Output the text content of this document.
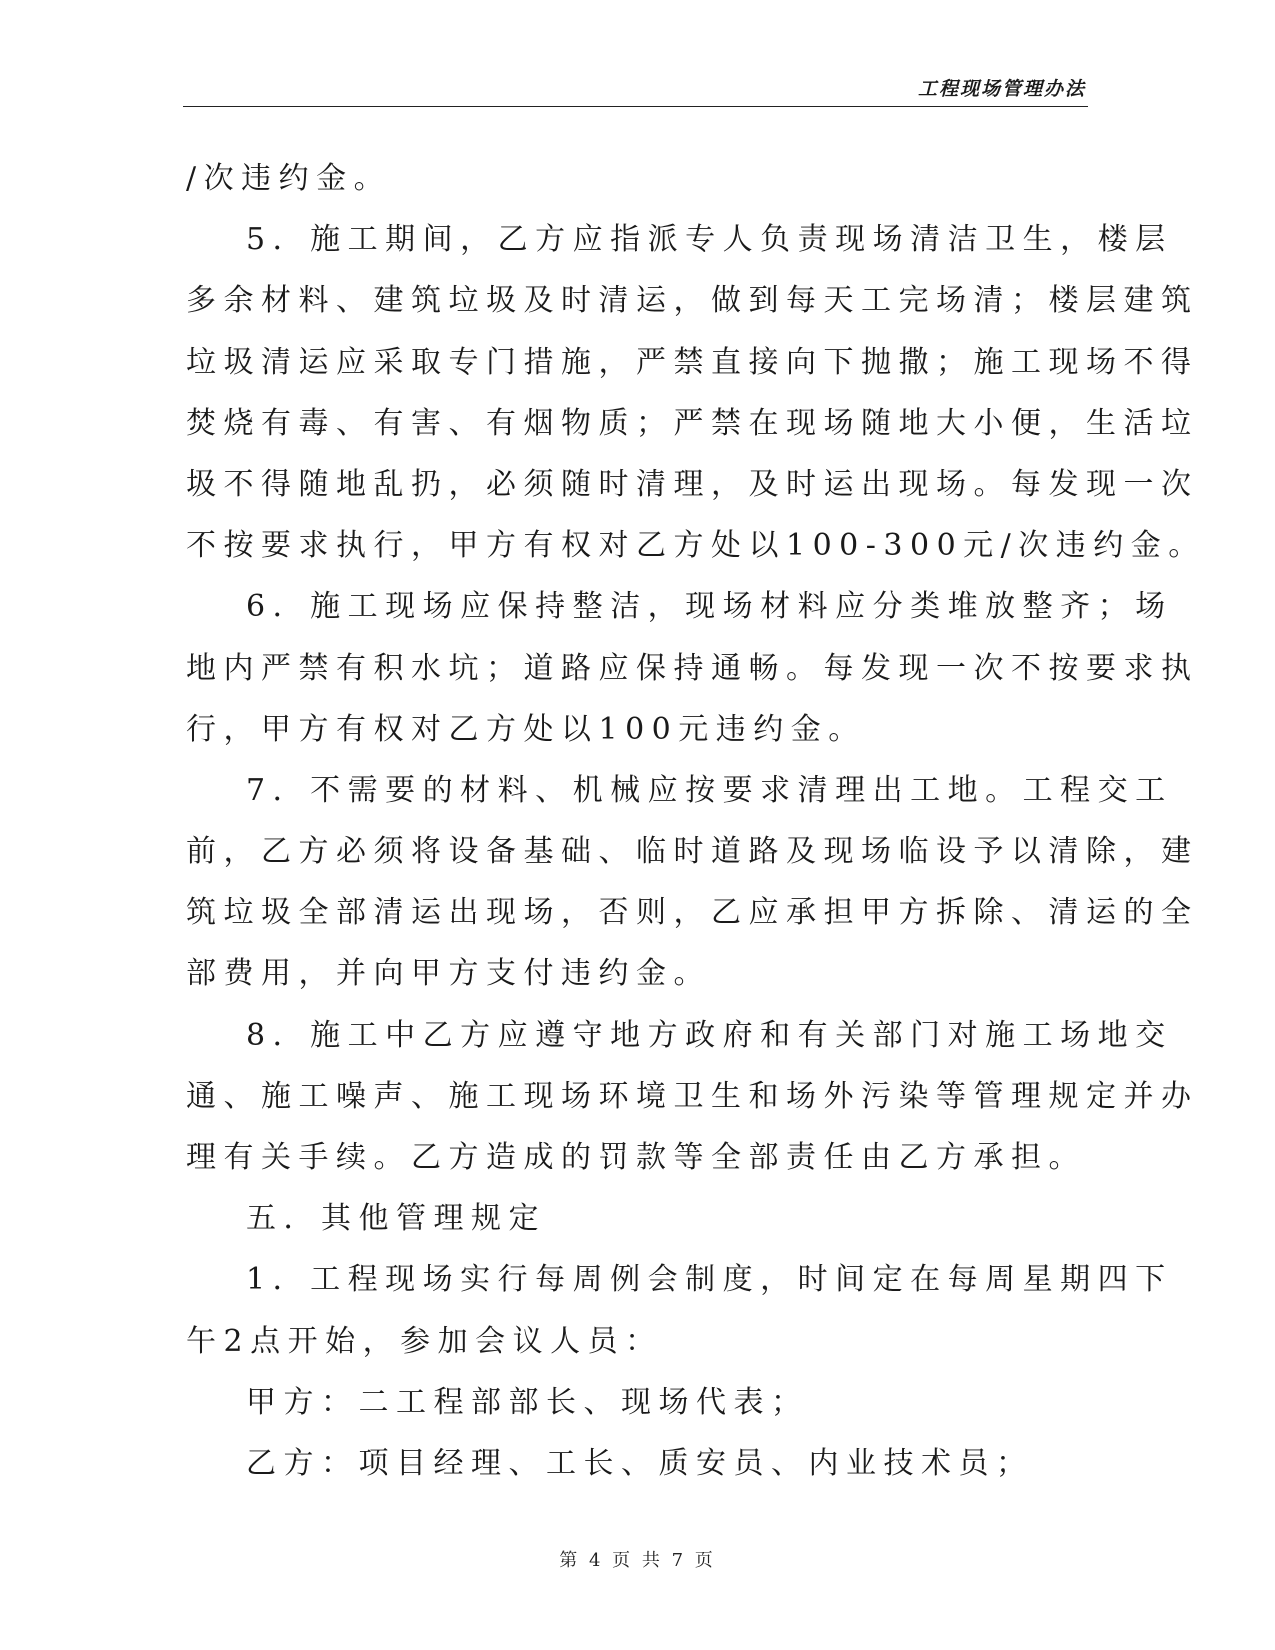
工程现场管理办法
/次违约金。
5．施工期间，乙方应指派专人负责现场清洁卫生，楼层
多余材料、建筑垃圾及时清运，做到每天工完场清；楼层建筑
垃圾清运应采取专门措施，严禁直接向下抛撒；施工现场不得
焚烧有毒、有害、有烟物质；严禁在现场随地大小便，生活垃
圾不得随地乱扔，必须随时清理，及时运出现场。每发现一次
不按要求执行，甲方有权对乙方处以100-300元/次违约金。
6．施工现场应保持整洁，现场材料应分类堆放整齐；场
地内严禁有积水坑；道路应保持通畅。每发现一次不按要求执
行，甲方有权对乙方处以100元违约金。
7．不需要的材料、机械应按要求清理出工地。工程交工
前，乙方必须将设备基础、临时道路及现场临设予以清除，建
筑垃圾全部清运出现场，否则，乙应承担甲方拆除、清运的全
部费用，并向甲方支付违约金。
8．施工中乙方应遵守地方政府和有关部门对施工场地交
通、施工噪声、施工现场环境卫生和场外污染等管理规定并办
理有关手续。乙方造成的罚款等全部责任由乙方承担。
五．其他管理规定
1．工程现场实行每周例会制度，时间定在每周星期四下
午2点开始，参加会议人员：
甲方：二工程部部长、现场代表；
乙方：项目经理、工长、质安员、内业技术员；
第 4 页 共 7 页
